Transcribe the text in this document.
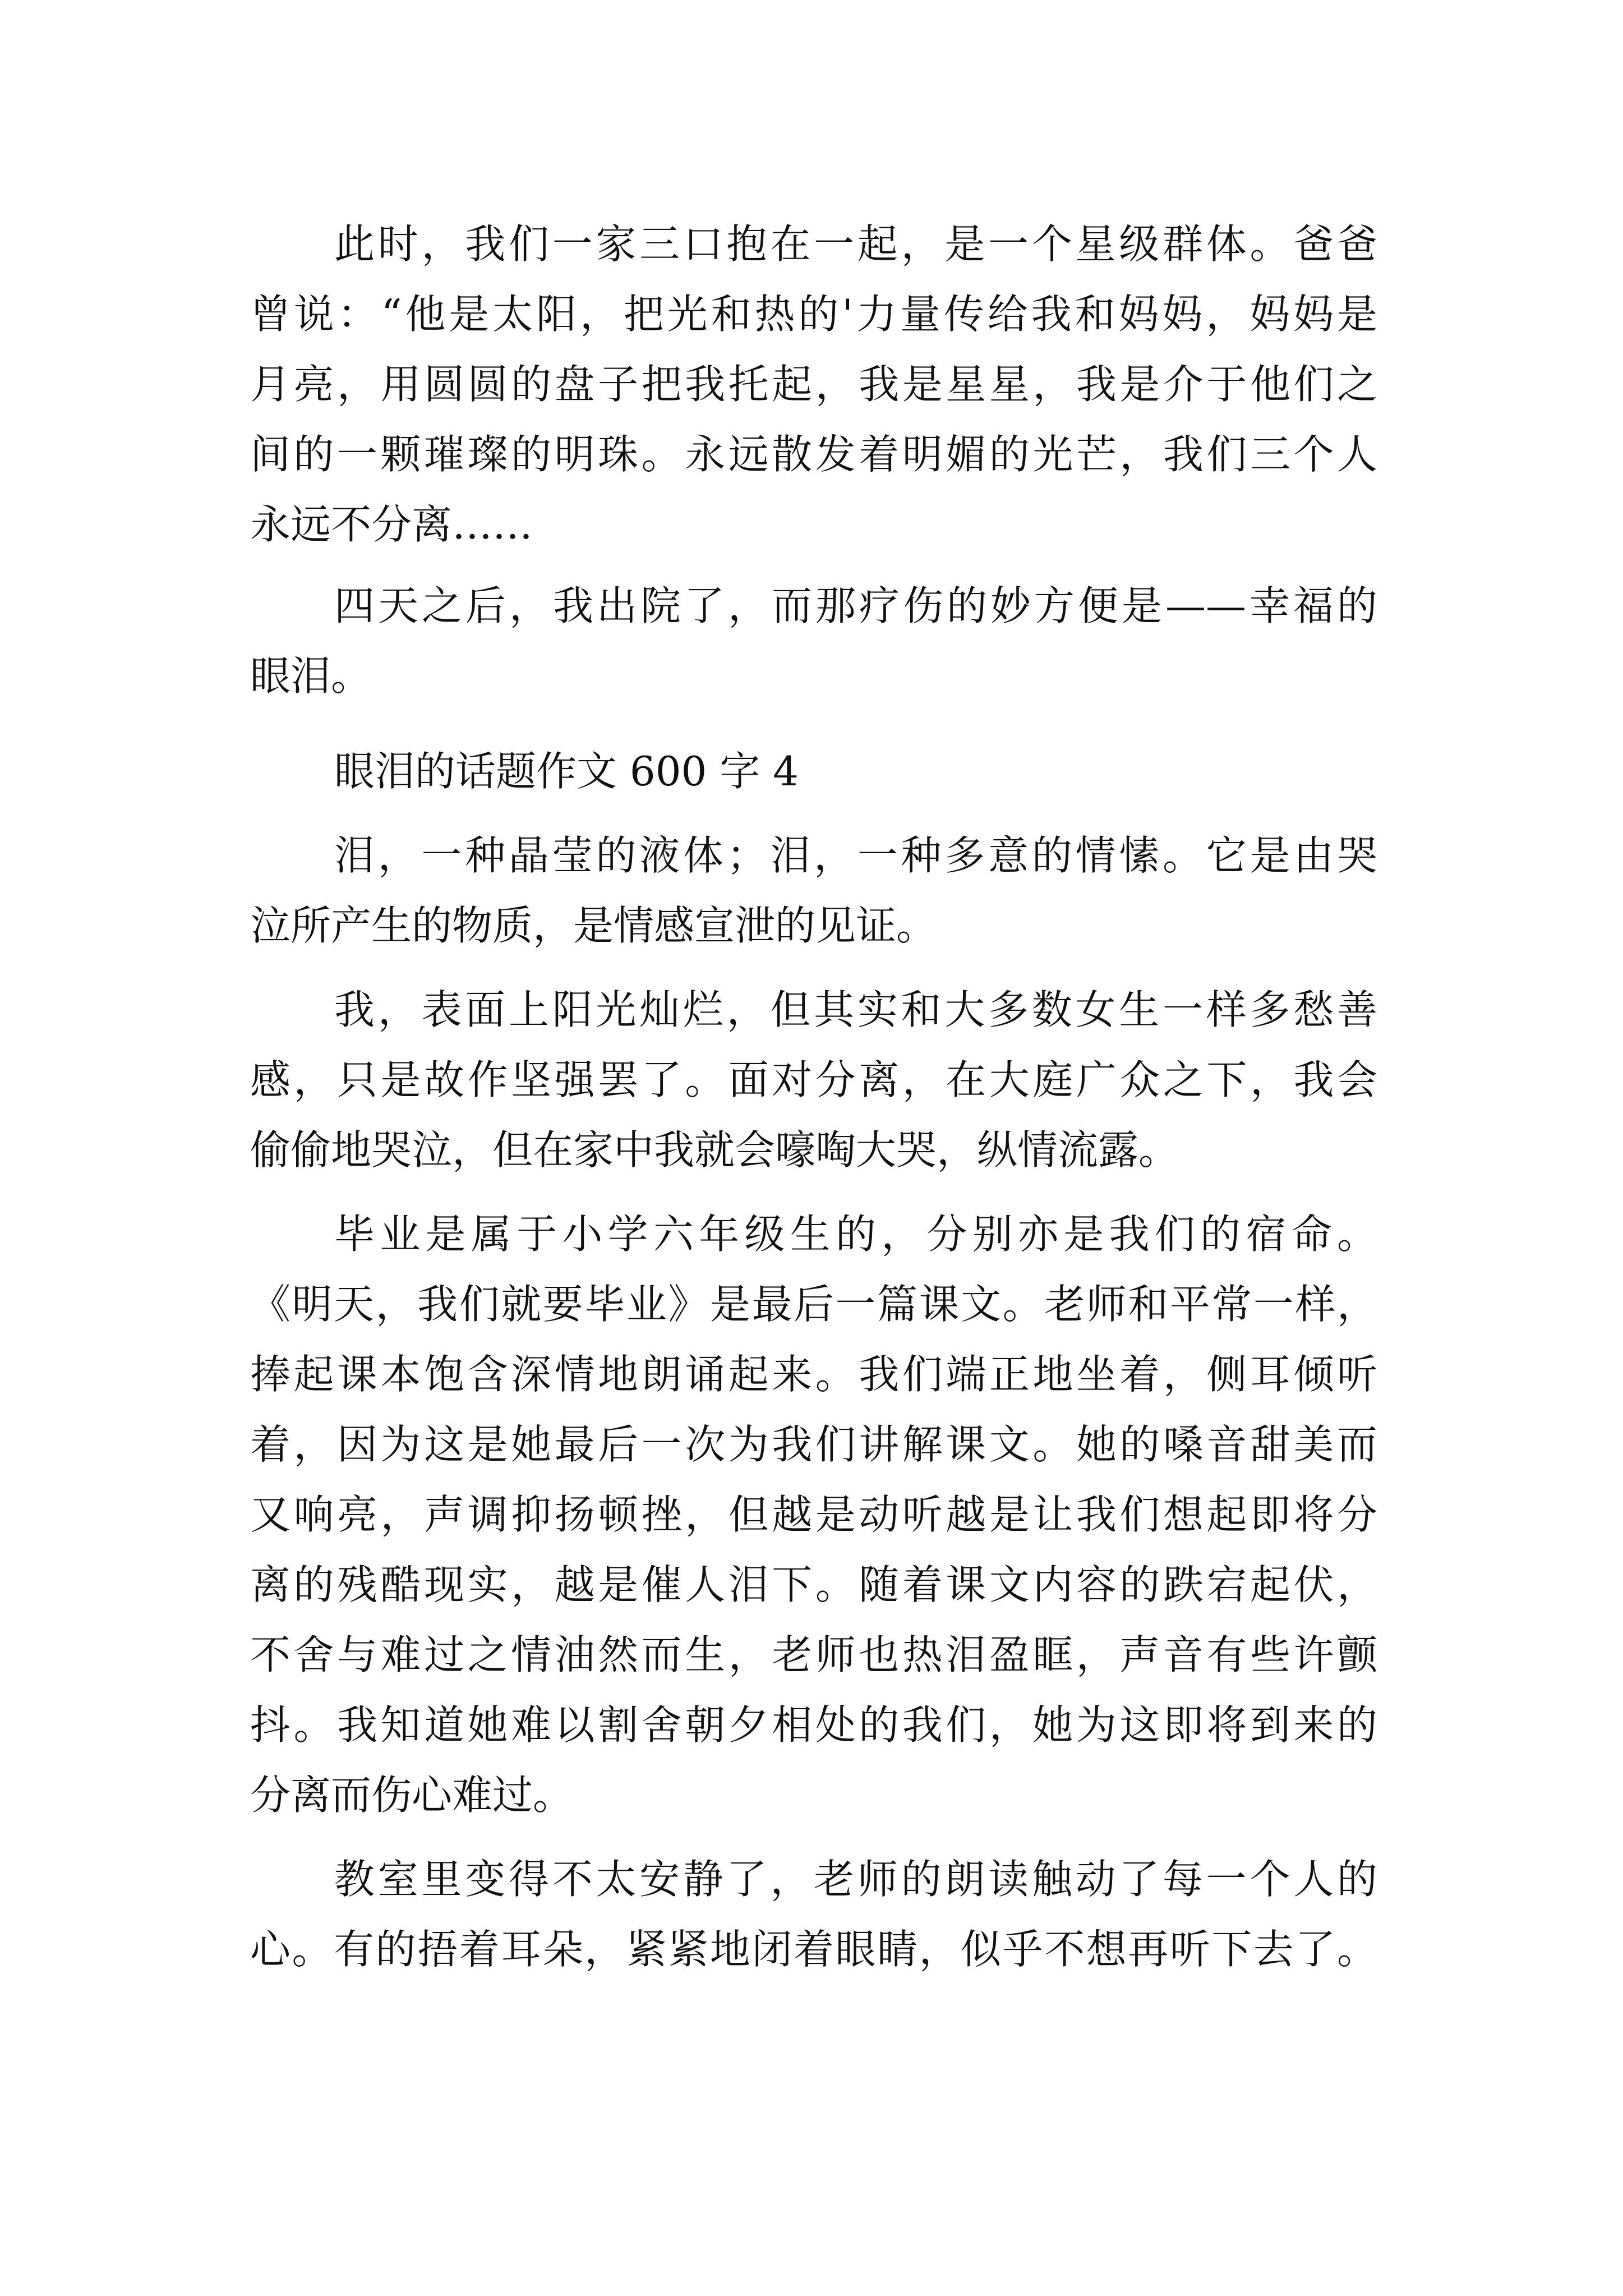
此时，我们一家三口抱在一起，是一个星级群体。爸爸
曾说：“他是太阳，把光和热的'力量传给我和妈妈，妈妈是
月亮，用圆圆的盘子把我托起，我是星星，我是介于他们之
间的一颗璀璨的明珠。永远散发着明媚的光芒，我们三个人
永远不分离……
四天之后，我出院了，而那疗伤的妙方便是——幸福的
眼泪。
眼泪的话题作文 600 字 4
泪，一种晶莹的液体；泪，一种多意的情愫。它是由哭
泣所产生的物质，是情感宣泄的见证。
我，表面上阳光灿烂，但其实和大多数女生一样多愁善
感，只是故作坚强罢了。面对分离，在大庭广众之下，我会
偷偷地哭泣，但在家中我就会嚎啕大哭，纵情流露。
毕业是属于小学六年级生的，分别亦是我们的宿命。
《明天，我们就要毕业》是最后一篇课文。老师和平常一样，
捧起课本饱含深情地朗诵起来。我们端正地坐着，侧耳倾听
着，因为这是她最后一次为我们讲解课文。她的嗓音甜美而
又响亮，声调抑扬顿挫，但越是动听越是让我们想起即将分
离的残酷现实，越是催人泪下。随着课文内容的跌宕起伏，
不舍与难过之情油然而生，老师也热泪盈眶，声音有些许颤
抖。我知道她难以割舍朝夕相处的我们，她为这即将到来的
分离而伤心难过。
教室里变得不太安静了，老师的朗读触动了每一个人的
心。有的捂着耳朵，紧紧地闭着眼睛，似乎不想再听下去了。
